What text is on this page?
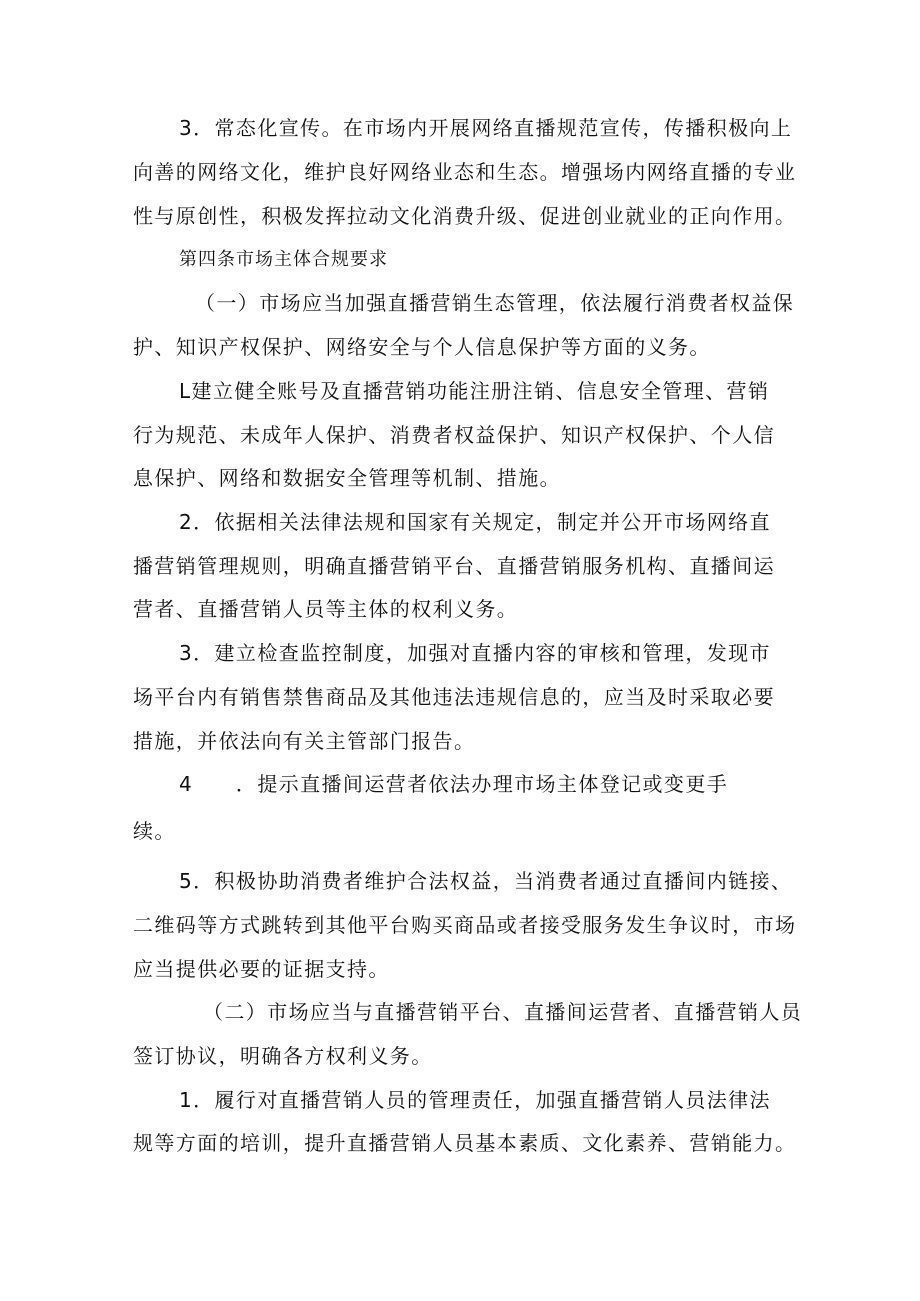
3．常态化宣传。在市场内开展网络直播规范宣传，传播积极向上
向善的网络文化，维护良好网络业态和生态。增强场内网络直播的专业
性与原创性，积极发挥拉动文化消费升级、促进创业就业的正向作用。
第四条市场主体合规要求
（一）市场应当加强直播营销生态管理，依法履行消费者权益保
护、知识产权保护、网络安全与个人信息保护等方面的义务。
L建立健全账号及直播营销功能注册注销、信息安全管理、营销
行为规范、未成年人保护、消费者权益保护、知识产权保护、个人信
息保护、网络和数据安全管理等机制、措施。
2．依据相关法律法规和国家有关规定，制定并公开市场网络直
播营销管理规则，明确直播营销平台、直播营销服务机构、直播间运
营者、直播营销人员等主体的权利义务。
3．建立检查监控制度，加强对直播内容的审核和管理，发现市
场平台内有销售禁售商品及其他违法违规信息的，应当及时采取必要
措施，并依法向有关主管部门报告。
4　　．提示直播间运营者依法办理市场主体登记或变更手
续。
5．积极协助消费者维护合法权益，当消费者通过直播间内链接、
二维码等方式跳转到其他平台购买商品或者接受服务发生争议时，市场
应当提供必要的证据支持。
（二）市场应当与直播营销平台、直播间运营者、直播营销人员
签订协议，明确各方权利义务。
1．履行对直播营销人员的管理责任，加强直播营销人员法律法
规等方面的培训，提升直播营销人员基本素质、文化素养、营销能力。
